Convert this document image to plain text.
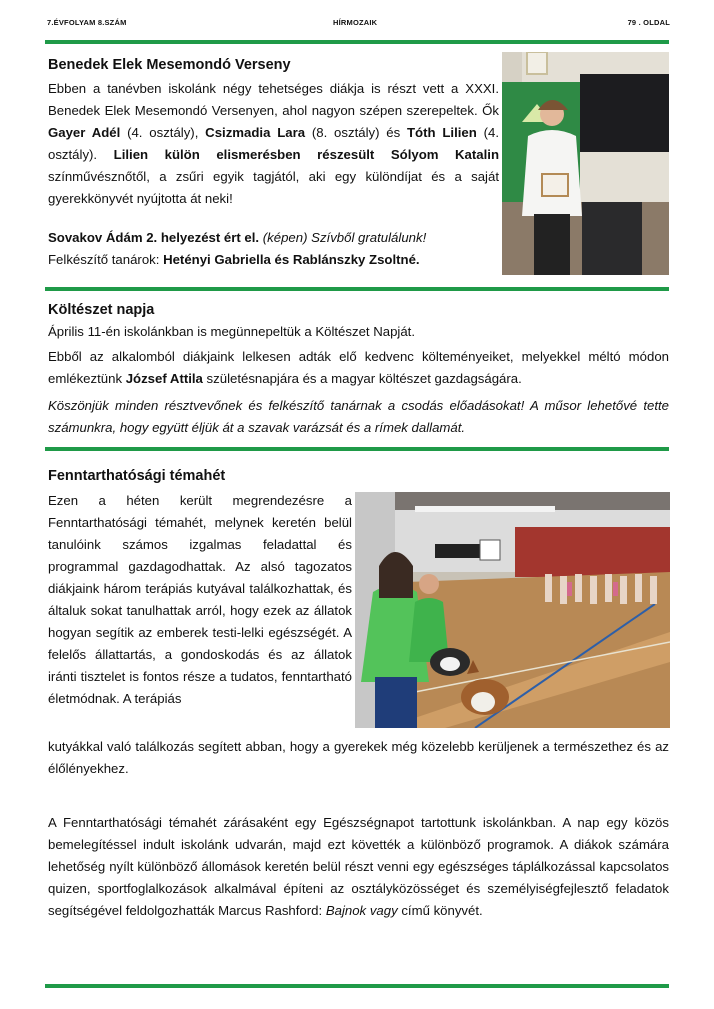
7.ÉVFOLYAM 8.SZÁM	HÍRMOZAIK	79 . OLDAL
Benedek Elek Mesemondó Verseny

Ebben a tanévben iskolánk négy tehetséges diákja is részt vett a XXXI. Benedek Elek Mesemondó Versenyen, ahol nagyon szépen szerepeltek. Ők Gayer Adél (4. osztály), Csizmadia Lara (8. osztály) és Tóth Lilien (4. osztály). Lilien külön elismerésben részesült Sólyom Katalin színművésznőtől, a zsűri egyik tagjától, aki egy különdíjat és a saját gyerekkönyvét nyújtotta át neki!

Sovakov Ádám 2. helyezést ért el. (képen) Szívből gratulálunk!

Felkészítő tanárok: Hetényi Gabriella és Rablánszky Zsoltné.

Költészet napja

Április 11-én iskolánkban is megünnepeltük a Költészet Napját.

Ebből az alkalomból diákjaink lelkesen adták elő kedvenc költeményeiket, melyekkel méltó módon emlékeztünk József Attila születésnapjára és a magyar költészet gazdagságára.

Köszönjük minden résztvevőnek és felkészítő tanárnak a csodás előadásokat! A műsor lehetővé tette számunkra, hogy együtt éljük át a szavak varázsát és a rímek dallamát.

Fenntarthatósági témahét

Ezen a héten került megrendezésre a Fenntarthatósági témahét, melynek keretén belül tanulóink számos izgalmas feladattal és programmal gazdagodhattak. Az alsó tagozatos diákjaink három terápiás kutyával találkozhattak, és általuk sokat tanulhattak arról, hogy ezek az állatok hogyan segítik az emberek testi-lelki egészségét. A felelős állattartás, a gondoskodás és az állatok iránti tisztelet is fontos része a tudatos, fenntartható életmódnak. A terápiás

kutyákkal való találkozás segített abban, hogy a gyerekek még közelebb kerüljenek a természethez és az élőlényekhez.

A Fenntarthatósági témahét zárásaként egy Egészségnapot tartottunk iskolánkban. A nap egy közös bemelegítéssel indult iskolánk udvarán, majd ezt követték a különböző programok. A diákok számára lehetőség nyílt különböző állomások keretén belül részt venni egy egészséges táplálkozással kapcsolatos quizen, sportfoglalkozások alkalmával építeni az osztályközösséget és személyiségfejlesztő feladatok segítségével feldolgozhatták Marcus Rashford: Bajnok vagy című könyvét.
